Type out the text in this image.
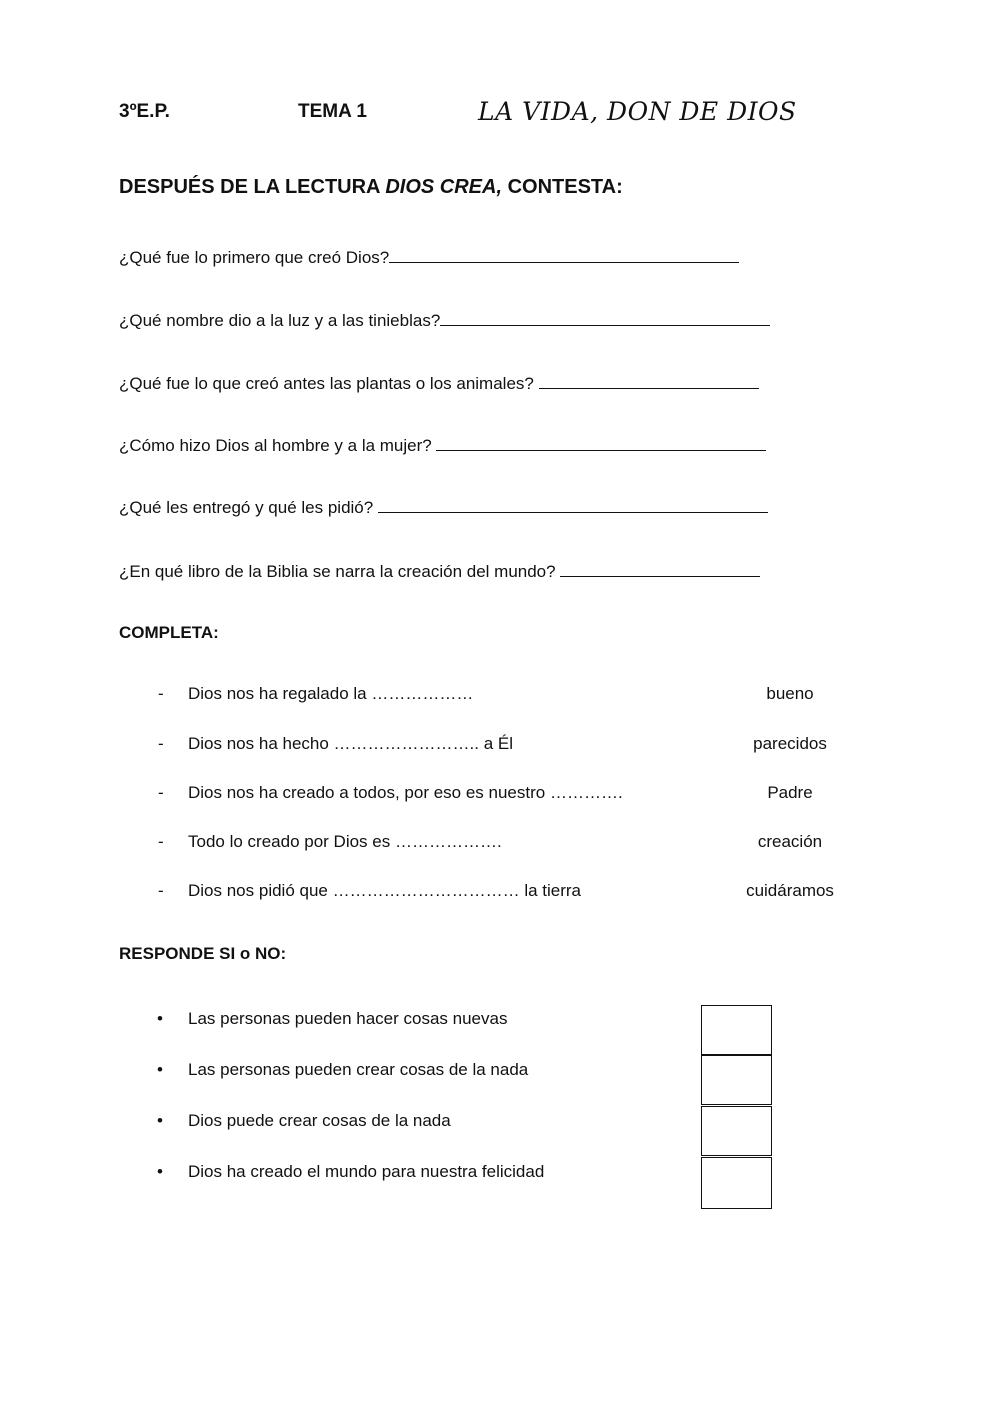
3ºE.P.	TEMA 1	LA VIDA, DON DE DIOS
DESPUÉS DE LA LECTURA DIOS CREA, CONTESTA:
¿Qué fue lo primero que creó Dios?
¿Qué nombre dio a la luz y a las tinieblas?
¿Qué fue lo que creó antes las plantas o los animales?
¿Cómo hizo Dios al hombre y a la mujer?
¿Qué les entregó y qué les pidió?
¿En qué libro de la Biblia se narra la creación del mundo?
COMPLETA:
- Dios nos ha regalado la ………………	bueno
- Dios nos ha hecho …………………….. a Él	parecidos
- Dios nos ha creado a todos, por eso es nuestro ………….	Padre
- Todo lo creado por Dios es ……………….	creación
- Dios nos pidió que …………………………… la tierra	cuidáramos
RESPONDE SI o NO:
• Las personas pueden hacer cosas nuevas
• Las personas pueden crear cosas de la nada
• Dios puede crear cosas de la nada
• Dios ha creado el mundo para nuestra felicidad
